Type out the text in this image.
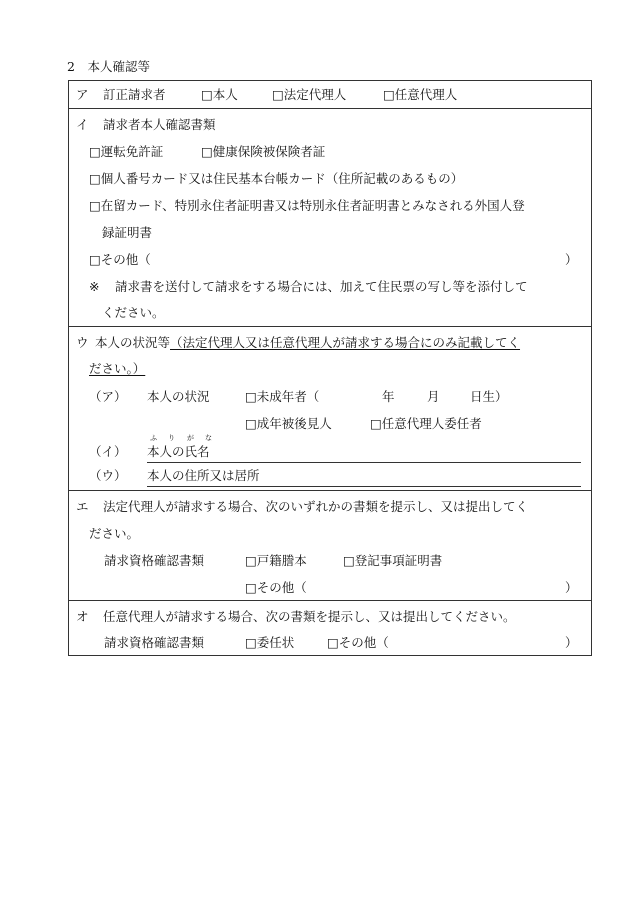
2　本人確認等
ア 訂正請求者	□本人	□法定代理人	□任意代理人
イ 請求者本人確認書類
□運転免許証	□健康保険被保険者証
□個人番号カード又は住民基本台帳カード（住所記載のあるもの）
□在留カード、特別永住者証明書又は特別永住者証明書とみなされる外国人登
録証明書
□その他（	）
※ 請求書を送付して請求をする場合には、加えて住民票の写し等を添付して
ください。
ウ 本人の状況等 （法定代理人又は任意代理人が請求する場合にのみ記載してく
ださい。）
（ア） 本人の状況	□未成年者（	年	月 日生）
□成年被後見人	□任意代理人委任者
ふ り が な
（イ） 本人の氏名
（ウ） 本人の住所又は居所
エ 法定代理人が請求する場合、次のいずれかの書類を提示し、又は提出してく
ださい。
請求資格確認書類	□戸籍謄本	□登記事項証明書
□その他（	）
オ 任意代理人が請求する場合、次の書類を提示し、又は提出してください。
請求資格確認書類	□委任状	□その他（	）
